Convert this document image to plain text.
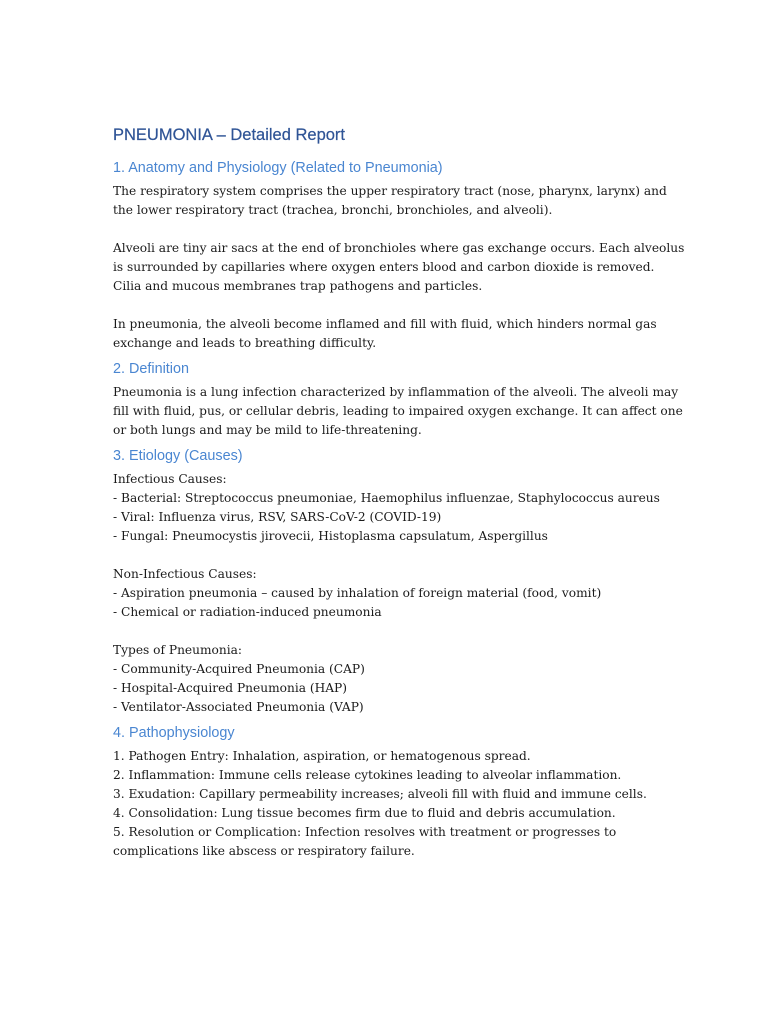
PNEUMONIA – Detailed Report
1. Anatomy and Physiology (Related to Pneumonia)

The respiratory system comprises the upper respiratory tract (nose, pharynx, larynx) and
the lower respiratory tract (trachea, bronchi, bronchioles, and alveoli).

Alveoli are tiny air sacs at the end of bronchioles where gas exchange occurs. Each alveolus
is surrounded by capillaries where oxygen enters blood and carbon dioxide is removed.
Cilia and mucous membranes trap pathogens and particles.

In pneumonia, the alveoli become inflamed and fill with fluid, which hinders normal gas
exchange and leads to breathing difficulty.

2. Definition

Pneumonia is a lung infection characterized by inflammation of the alveoli. The alveoli may
fill with fluid, pus, or cellular debris, leading to impaired oxygen exchange. It can affect one
or both lungs and may be mild to life-threatening.

3. Etiology (Causes)

Infectious Causes:
- Bacterial: Streptococcus pneumoniae, Haemophilus influenzae, Staphylococcus aureus
- Viral: Influenza virus, RSV, SARS-CoV-2 (COVID-19)
- Fungal: Pneumocystis jirovecii, Histoplasma capsulatum, Aspergillus

Non-Infectious Causes:
- Aspiration pneumonia – caused by inhalation of foreign material (food, vomit)
- Chemical or radiation-induced pneumonia

Types of Pneumonia:
- Community-Acquired Pneumonia (CAP)
- Hospital-Acquired Pneumonia (HAP)
- Ventilator-Associated Pneumonia (VAP)

4. Pathophysiology

1. Pathogen Entry: Inhalation, aspiration, or hematogenous spread.
2. Inflammation: Immune cells release cytokines leading to alveolar inflammation.
3. Exudation: Capillary permeability increases; alveoli fill with fluid and immune cells.
4. Consolidation: Lung tissue becomes firm due to fluid and debris accumulation.
5. Resolution or Complication: Infection resolves with treatment or progresses to
complications like abscess or respiratory failure.
